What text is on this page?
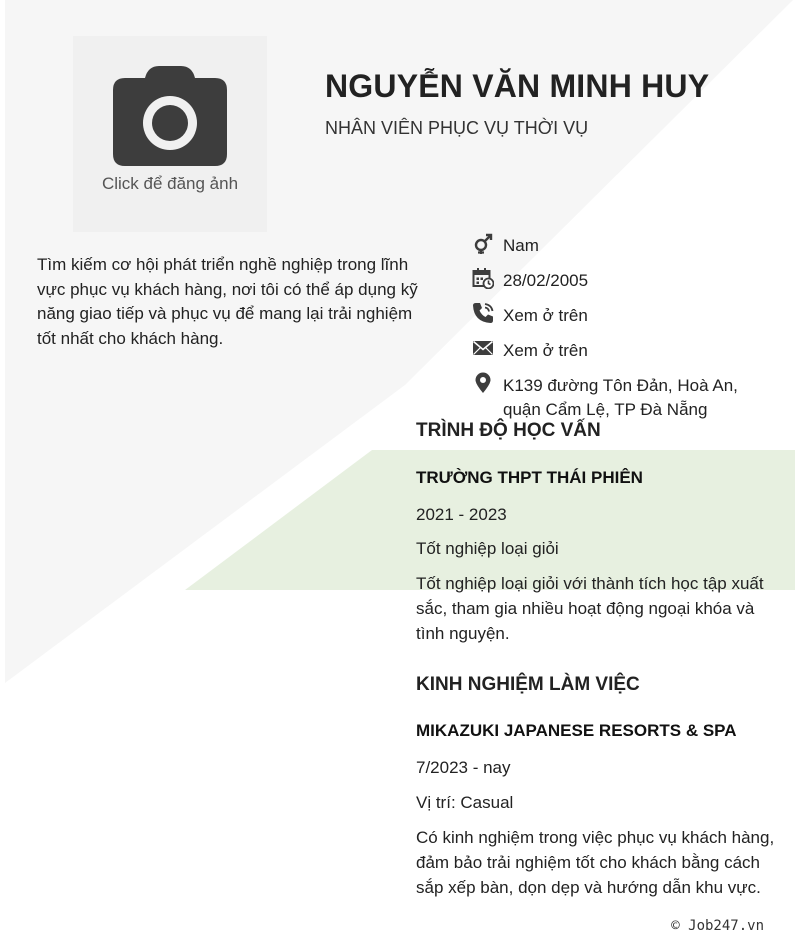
Click để đăng ảnh
NGUYỄN VĂN MINH HUY
NHÂN VIÊN PHỤC VỤ THỜI VỤ
Tìm kiếm cơ hội phát triển nghề nghiệp trong lĩnh vực phục vụ khách hàng, nơi tôi có thể áp dụng kỹ năng giao tiếp và phục vụ để mang lại trải nghiệm tốt nhất cho khách hàng.
Nam
28/02/2005
Xem ở trên
Xem ở trên
K139 đường Tôn Đản, Hoà An, quận Cẩm Lệ, TP Đà Nẵng
TRÌNH ĐỘ HỌC VẤN
TRƯỜNG THPT THÁI PHIÊN
2021 - 2023
Tốt nghiệp loại giỏi
Tốt nghiệp loại giỏi với thành tích học tập xuất sắc, tham gia nhiều hoạt động ngoại khóa và tình nguyện.
KINH NGHIỆM LÀM VIỆC
MIKAZUKI JAPANESE RESORTS & SPA
7/2023 - nay
Vị trí: Casual
Có kinh nghiệm trong việc phục vụ khách hàng, đảm bảo trải nghiệm tốt cho khách bằng cách sắp xếp bàn, dọn dẹp và hướng dẫn khu vực.
© Job247.vn
